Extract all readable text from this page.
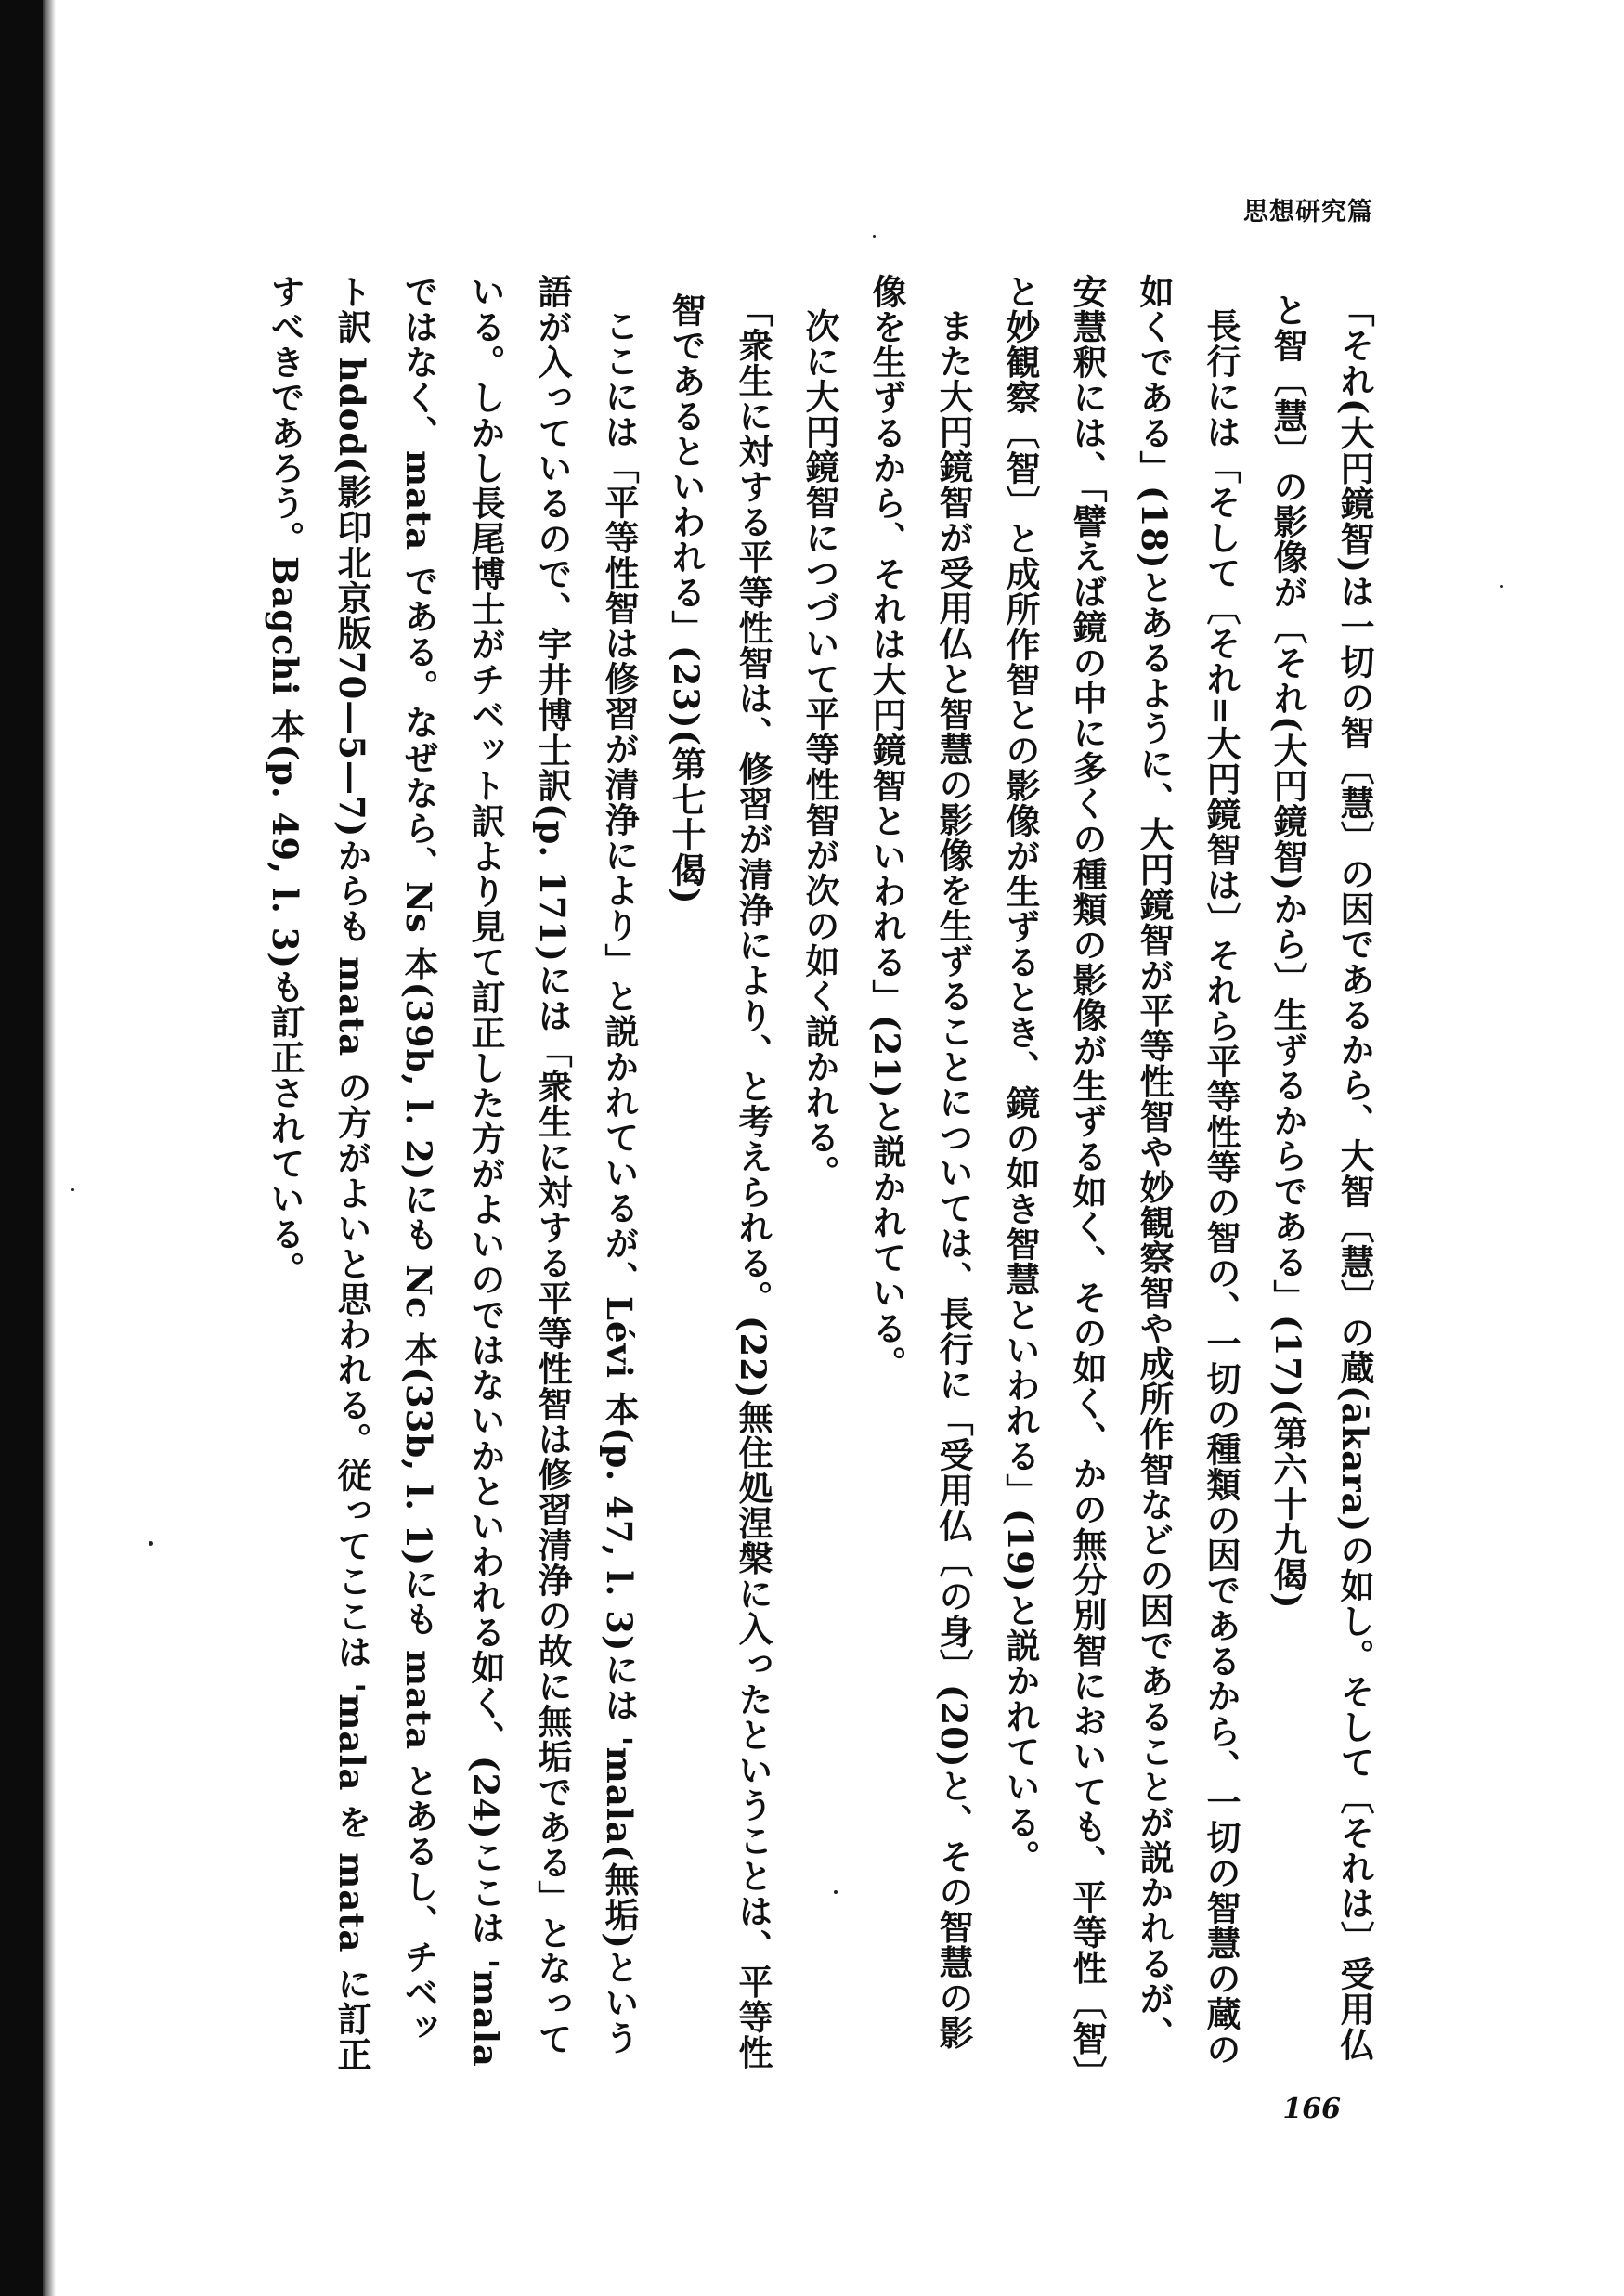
思想研究篇

「それ(大円鏡智)は一切の智〔慧〕の因であるから、大智〔慧〕の蔵(ākara)の如し。そして〔それは〕受用仏と智〔慧〕の影像が〔それ(大円鏡智)から〕生ずるからである」(17)(第六十九偈)

長行には「そして〔それ=大円鏡智は〕それら平等性等の智の、一切の種類の因であるから、一切の智慧の蔵の如くである」(18)とあるように、大円鏡智が平等性智や妙観察智や成所作智などの因であることが説かれるが、安慧釈には、「譬えば鏡の中に多くの種類の影像が生ずる如く、その如く、かの無分別智においても、平等性〔智〕と妙観察〔智〕と成所作智との影像が生ずるとき、鏡の如き智慧といわれる」(19)と説かれている。

また大円鏡智が受用仏と智慧の影像を生ずることについては、長行に「受用仏〔の身〕(20)と、その智慧の影像を生ずるから、それは大円鏡智といわれる」(21)と説かれている。

次に大円鏡智につづいて平等性智が次の如く説かれる。

「衆生に対する平等性智は、修習が清浄により、と考えられる。(22)無住処涅槃に入ったということは、平等性智であるといわれる」(23)(第七十偈)

ここには「平等性智は修習が清浄により」と説かれているが、Lévi 本(p. 47, l. 3)には 'mala(無垢)という語が入っているので、宇井博士訳(p. 171)には「衆生に対する平等性智は修習清浄の故に無垢である」となっている。しかし長尾博士がチベット訳より見て訂正した方がよいのではないかといわれる如く、(24)ここは 'mala ではなく、mata である。なぜなら、Ns 本(39b, l. 2)にも Nc 本(33b, l. 1)にも mata とあるし、チベット訳 hdod(影印北京版70—5—7)からも mata の方がよいと思われる。従ってここは 'mala を mata に訂正すべきであろう。Bagchi 本(p. 49, l. 3)も訂正されている。

166
